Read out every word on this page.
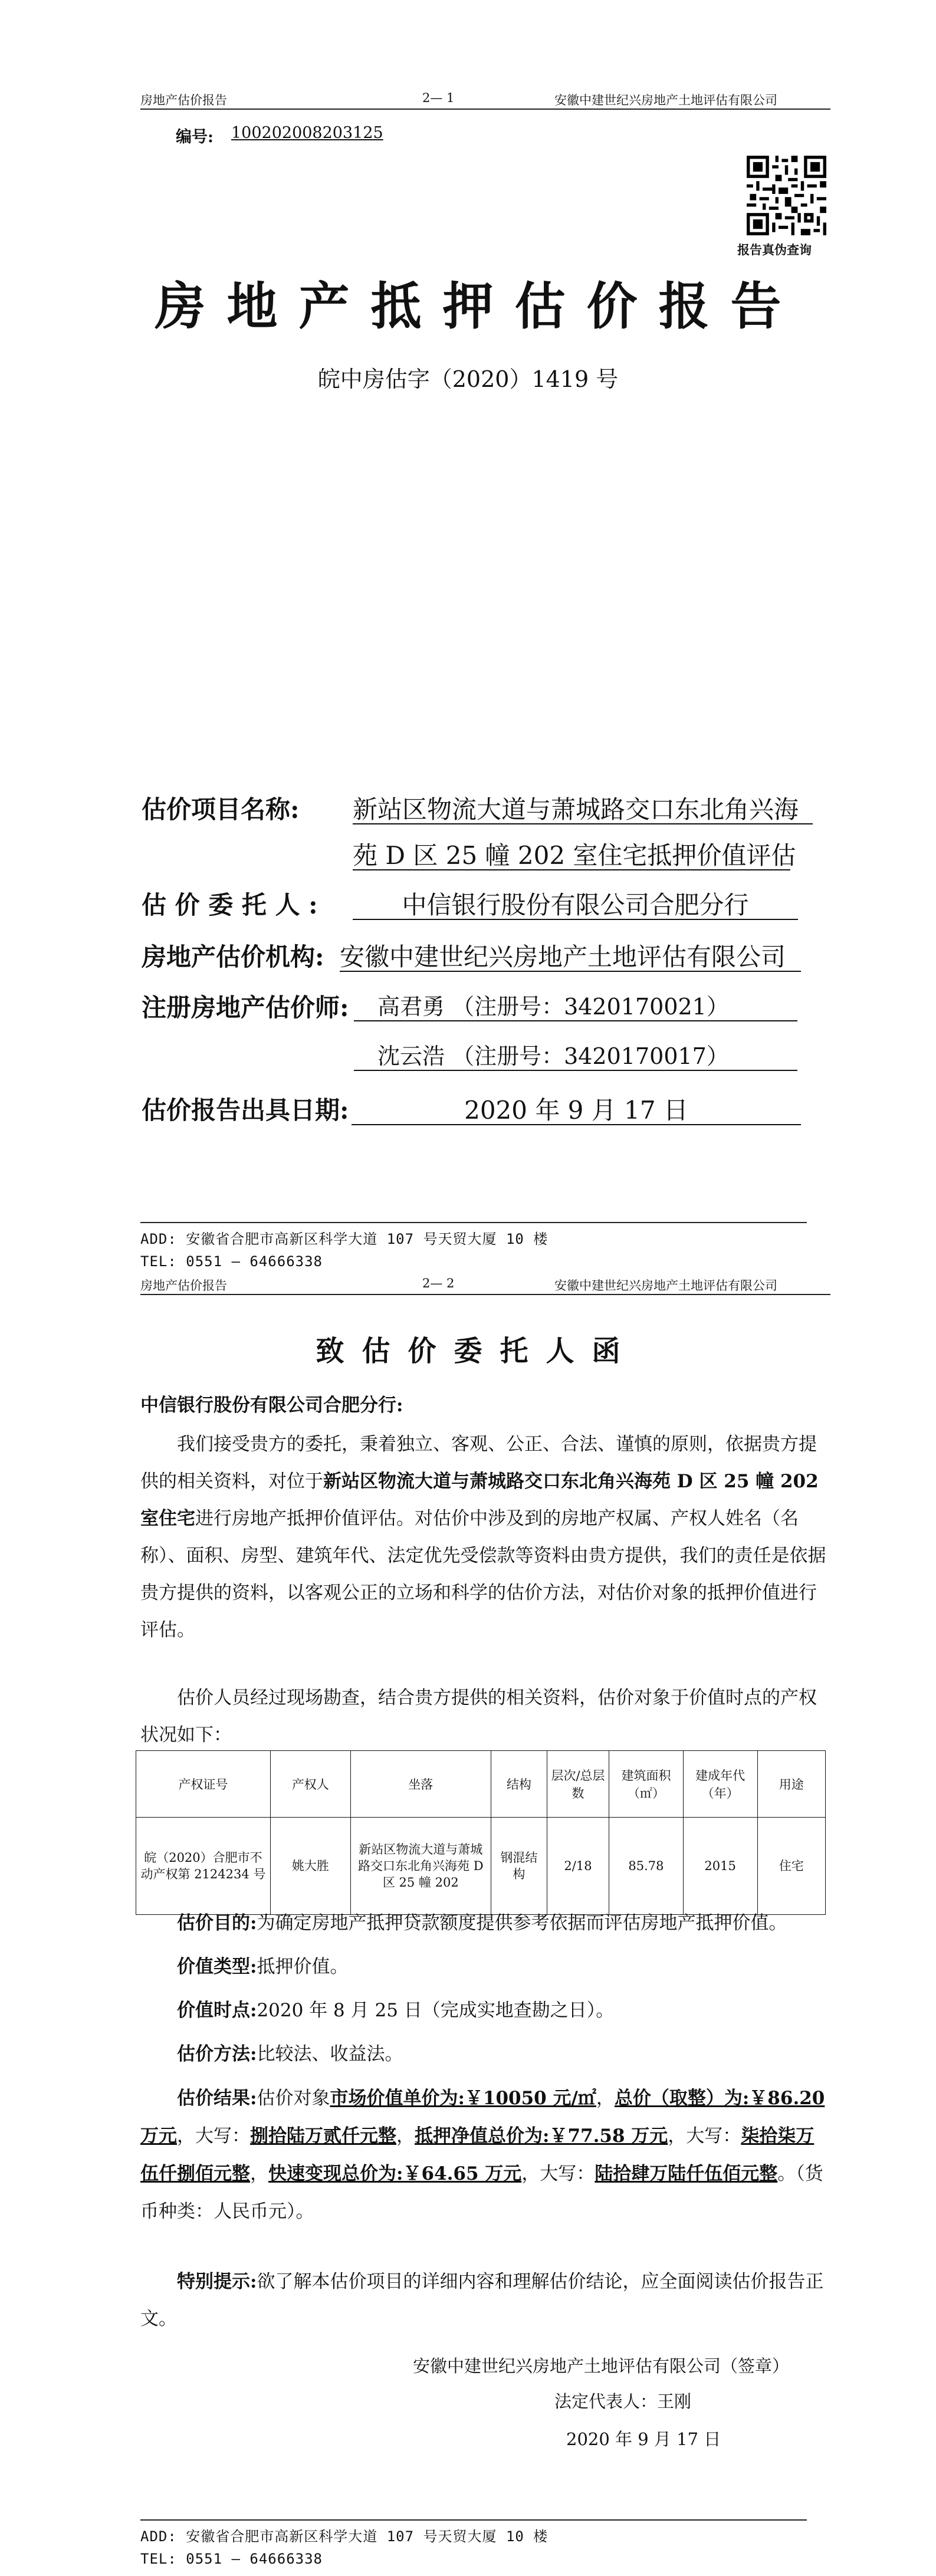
房地产估价报告	2— 1	安徽中建世纪兴房地产土地评估有限公司
编号: 100202008203125
报告真伪查询
房地产抵押估价报告
皖中房估字（2020）1419 号
估价项目名称: 新站区物流大道与萧城路交口东北角兴海
苑 D 区 25 幢 202 室住宅抵押价值评估
估 价 委 托 人 :	中信银行股份有限公司合肥分行
房地产估价机构: 安徽中建世纪兴房地产土地评估有限公司
注册房地产估价师: 高君勇 （注册号：3420170021）
沈云浩 （注册号：3420170017）
估价报告出具日期:	2020 年 9 月 17 日
ADD: 安徽省合肥市高新区科学大道 107 号天贸大厦 10 楼
TEL: 0551 — 64666338
房地产估价报告	2— 2	安徽中建世纪兴房地产土地评估有限公司
致估价委托人函
中信银行股份有限公司合肥分行:
我们接受贵方的委托，秉着独立、客观、公正、合法、谨慎的原则，依据贵方提供的相关资料，对位于新站区物流大道与萧城路交口东北角兴海苑 D 区 25 幢 202 室住宅进行房地产抵押价值评估。对估价中涉及到的房地产权属、产权人姓名（名称）、面积、房型、建筑年代、法定优先受偿款等资料由贵方提供，我们的责任是依据贵方提供的资料，以客观公正的立场和科学的估价方法，对估价对象的抵押价值进行评估。
估价人员经过现场勘查，结合贵方提供的相关资料，估价对象于价值时点的产权状况如下：
产权证号	产权人	坐落	结构	层次/总层数	建筑面积（㎡）	建成年代（年）	用途
皖（2020）合肥市不动产权第 2124234 号	姚大胜	新站区物流大道与萧城路交口东北角兴海苑 D 区 25 幢 202	钢混结构	2/18	85.78	2015	住宅
估价目的:为确定房地产抵押贷款额度提供参考依据而评估房地产抵押价值。
价值类型:抵押价值。
价值时点:2020 年 8 月 25 日（完成实地查勘之日）。
估价方法:比较法、收益法。
估价结果:估价对象市场价值单价为:￥10050 元/㎡，总价（取整）为:￥86.20 万元，大写：捌拾陆万贰仟元整，抵押净值总价为:￥77.58 万元，大写：柒拾柒万伍仟捌佰元整，快速变现总价为:￥64.65 万元，大写：陆拾肆万陆仟伍佰元整。（货币种类：人民币元）。
特别提示:欲了解本估价项目的详细内容和理解估价结论，应全面阅读估价报告正文。
安徽中建世纪兴房地产土地评估有限公司（签章）
法定代表人：王刚
2020 年 9 月 17 日
ADD: 安徽省合肥市高新区科学大道 107 号天贸大厦 10 楼
TEL: 0551 — 64666338
